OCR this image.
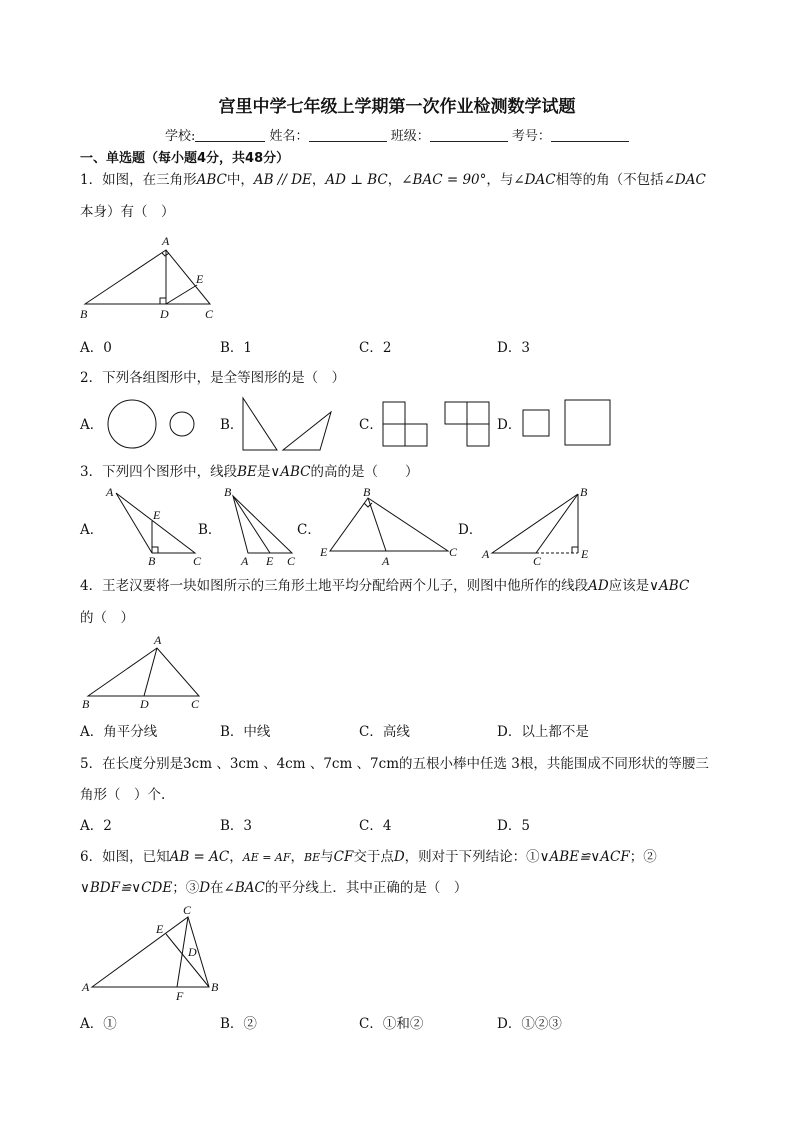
宫里中学七年级上学期第一次作业检测数学试题
学校:	姓名：	班级：	考号：
一、单选题（每小题4分，共48分）
1．如图，在三角形ABC中，AB // DE，AD ⊥ BC，∠BAC = 90°，与∠DAC相等的角（不包括∠DAC
本身）有（　）
A
B	D	C
E
A．0	B．1	C．2	D．3
2．下列各组图形中，是全等图形的是（　）
A．	B．	C．	D．
3．下列四个图形中，线段BE是∨ABC的高的是（　　）
A．	B．	C．	D．
A
E
B	C
B
A E C
B
E
A
C
B
A	C	E
4．王老汉要将一块如图所示的三角形土地平均分配给两个儿子，则图中他所作的线段AD应该是∨ABC
的（　）
A
B	D	C
A．角平分线	B．中线	C．高线	D．以上都不是
5．在长度分别是3cm 、3cm 、4cm 、7cm 、7cm的五根小棒中任选 3根，共能围成不同形状的等腰三
角形（　）个.
A．2	B．3	C．4	D．5
6．如图，已知AB = AC，AE = AF，BE与CF交于点D，则对于下列结论：①∨ABE≌∨ACF；②
∨BDF≌∨CDE；③D在∠BAC的平分线上．其中正确的是（　）
C
E
D
A
F
B
A．①	B．②	C．①和②	D．①②③
